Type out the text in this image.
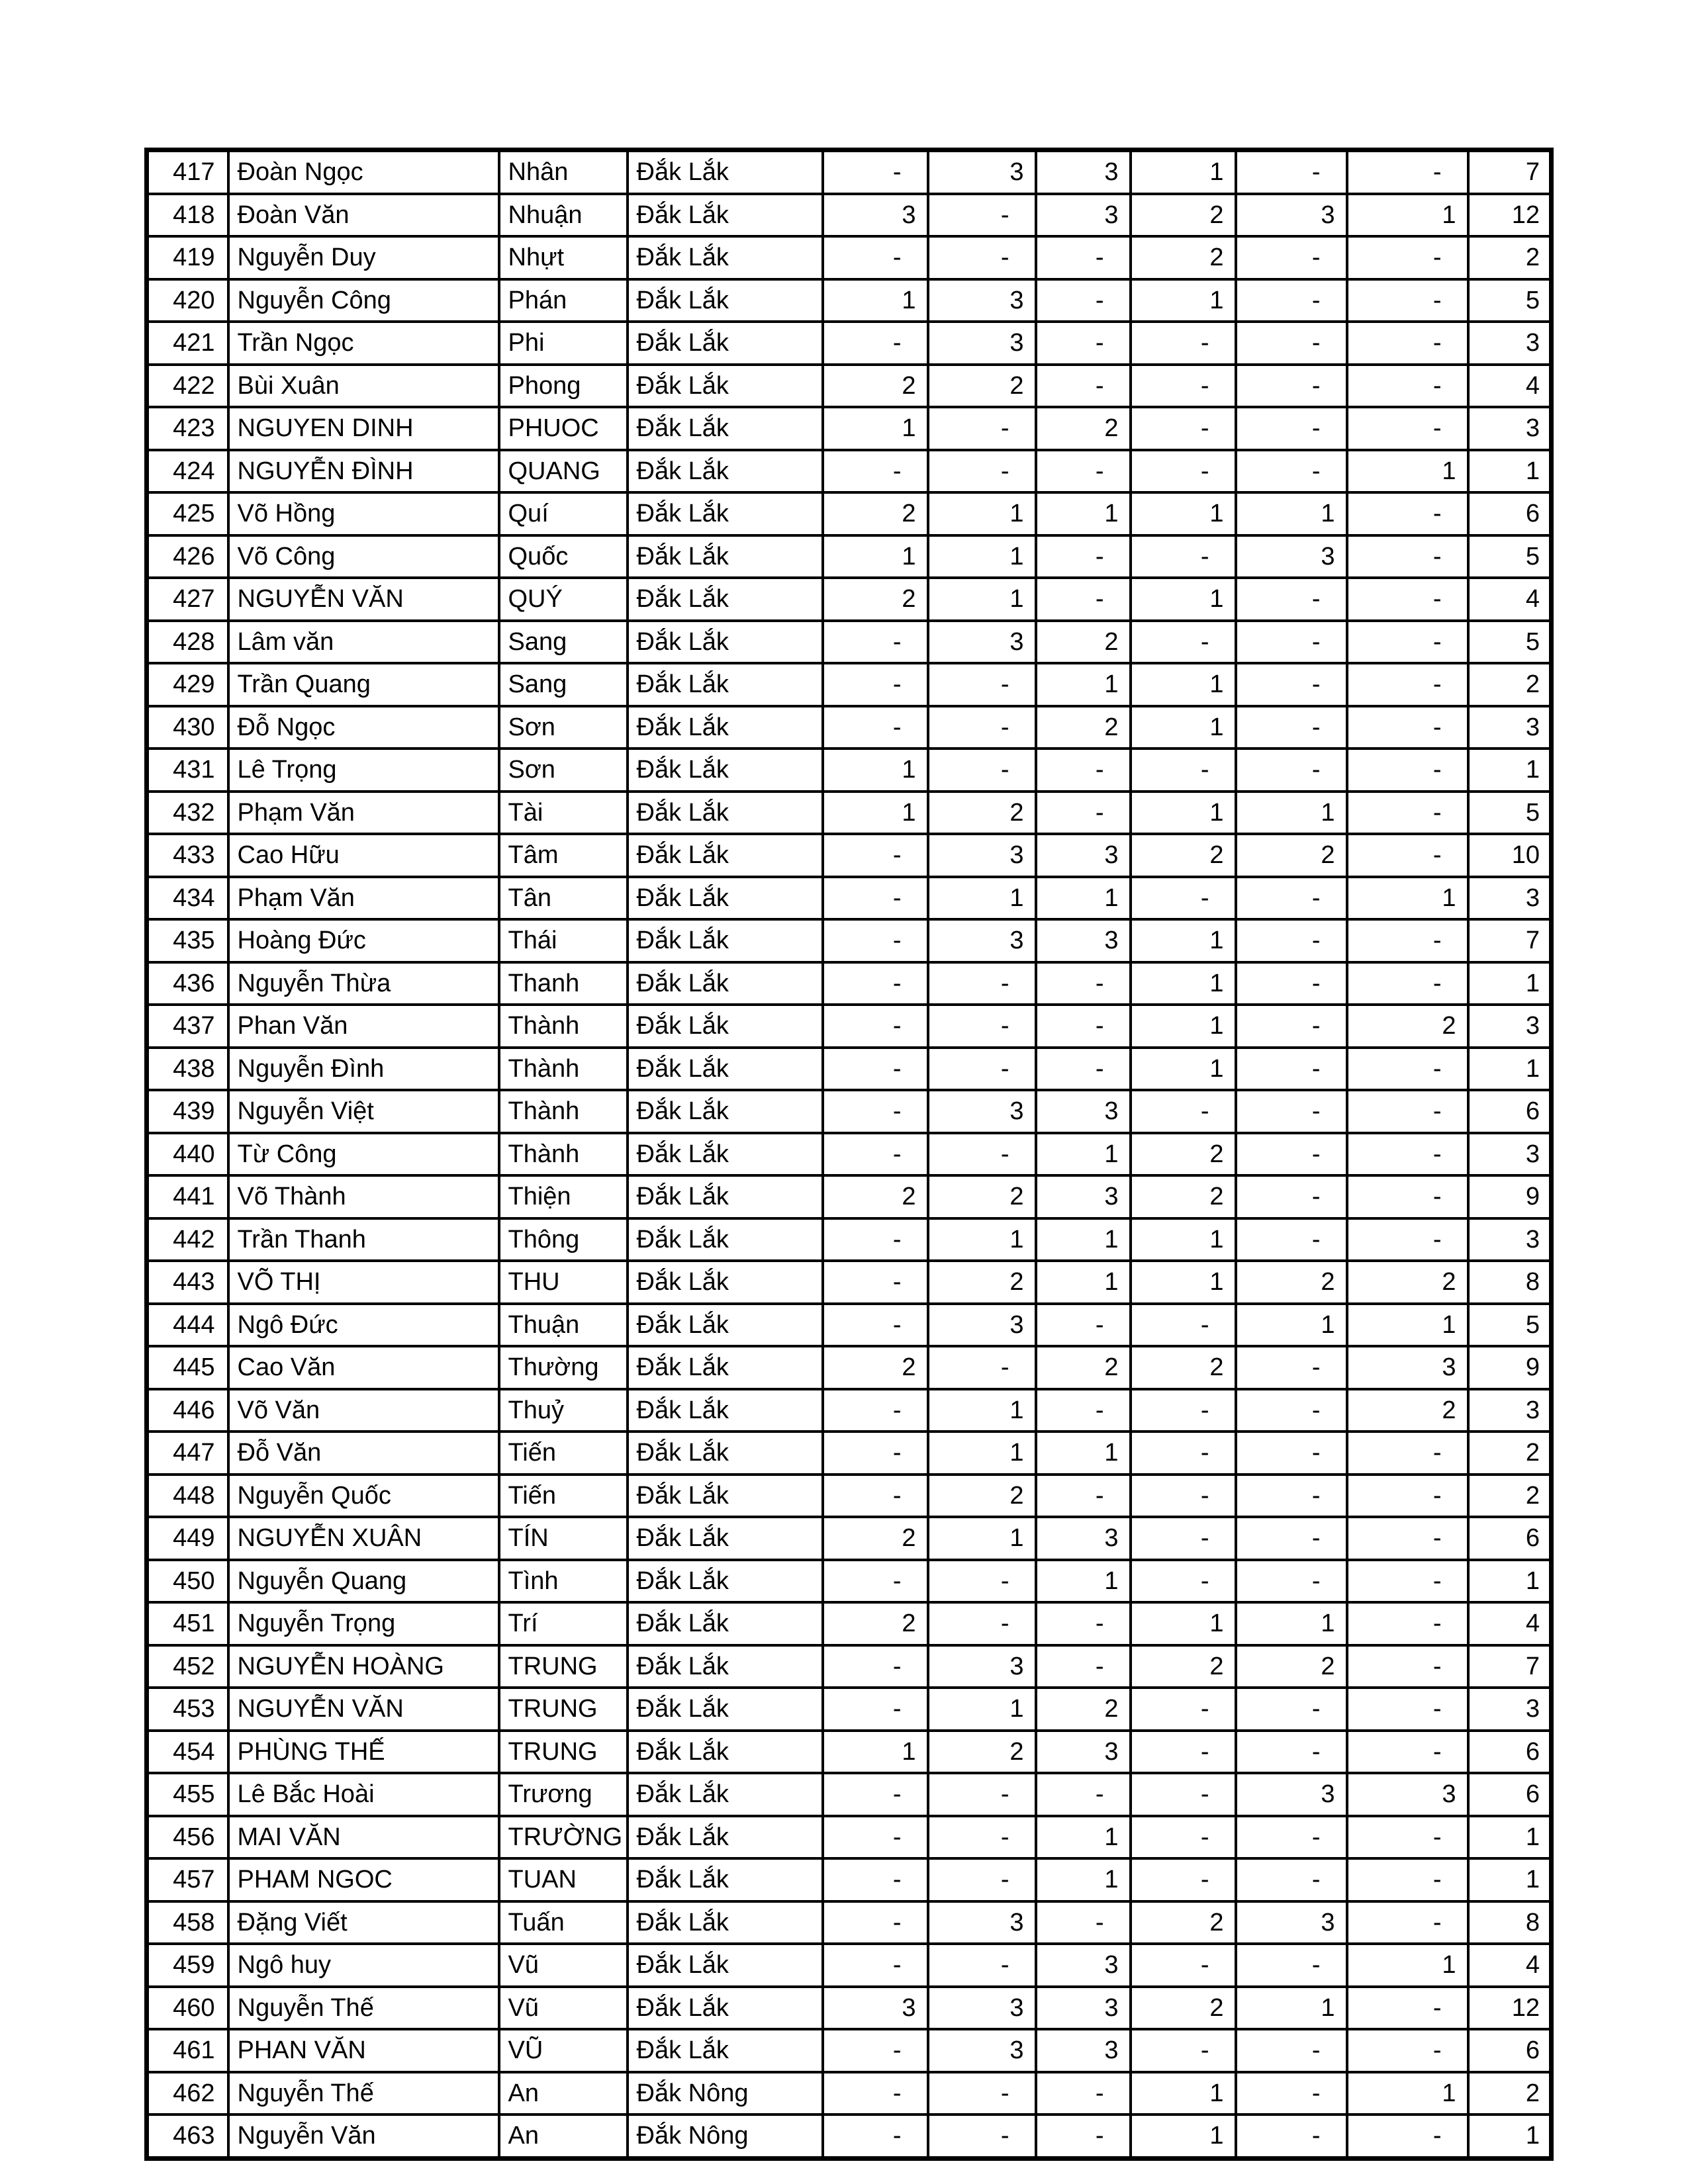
417	Đoàn Ngọc	Nhân	Đắk Lắk	-	3	3	1	-	-	7
418	Đoàn Văn	Nhuận	Đắk Lắk	3	-	3	2	3	1	12
419	Nguyễn Duy	Nhựt	Đắk Lắk	-	-	-	2	-	-	2
420	Nguyễn Công	Phán	Đắk Lắk	1	3	-	1	-	-	5
421	Trần Ngọc	Phi	Đắk Lắk	-	3	-	-	-	-	3
422	Bùi Xuân	Phong	Đắk Lắk	2	2	-	-	-	-	4
423	NGUYEN DINH	PHUOC	Đắk Lắk	1	-	2	-	-	-	3
424	NGUYỄN ĐÌNH	QUANG	Đắk Lắk	-	-	-	-	-	1	1
425	Võ Hồng	Quí	Đắk Lắk	2	1	1	1	1	-	6
426	Võ Công	Quốc	Đắk Lắk	1	1	-	-	3	-	5
427	NGUYỄN VĂN	QUÝ	Đắk Lắk	2	1	-	1	-	-	4
428	Lâm văn	Sang	Đắk Lắk	-	3	2	-	-	-	5
429	Trần Quang	Sang	Đắk Lắk	-	-	1	1	-	-	2
430	Đỗ Ngọc	Sơn	Đắk Lắk	-	-	2	1	-	-	3
431	Lê Trọng	Sơn	Đắk Lắk	1	-	-	-	-	-	1
432	Phạm Văn	Tài	Đắk Lắk	1	2	-	1	1	-	5
433	Cao Hữu	Tâm	Đắk Lắk	-	3	3	2	2	-	10
434	Phạm Văn	Tân	Đắk Lắk	-	1	1	-	-	1	3
435	Hoàng Đức	Thái	Đắk Lắk	-	3	3	1	-	-	7
436	Nguyễn Thừa	Thanh	Đắk Lắk	-	-	-	1	-	-	1
437	Phan Văn	Thành	Đắk Lắk	-	-	-	1	-	2	3
438	Nguyễn Đình	Thành	Đắk Lắk	-	-	-	1	-	-	1
439	Nguyễn Việt	Thành	Đắk Lắk	-	3	3	-	-	-	6
440	Từ Công	Thành	Đắk Lắk	-	-	1	2	-	-	3
441	Võ Thành	Thiện	Đắk Lắk	2	2	3	2	-	-	9
442	Trần Thanh	Thông	Đắk Lắk	-	1	1	1	-	-	3
443	VÕ THỊ	THU	Đắk Lắk	-	2	1	1	2	2	8
444	Ngô Đức	Thuận	Đắk Lắk	-	3	-	-	1	1	5
445	Cao Văn	Thường	Đắk Lắk	2	-	2	2	-	3	9
446	Võ Văn	Thuỷ	Đắk Lắk	-	1	-	-	-	2	3
447	Đỗ Văn	Tiến	Đắk Lắk	-	1	1	-	-	-	2
448	Nguyễn Quốc	Tiến	Đắk Lắk	-	2	-	-	-	-	2
449	NGUYỄN XUÂN	TÍN	Đắk Lắk	2	1	3	-	-	-	6
450	Nguyễn Quang	Tình	Đắk Lắk	-	-	1	-	-	-	1
451	Nguyễn Trọng	Trí	Đắk Lắk	2	-	-	1	1	-	4
452	NGUYỄN HOÀNG	TRUNG	Đắk Lắk	-	3	-	2	2	-	7
453	NGUYỄN VĂN	TRUNG	Đắk Lắk	-	1	2	-	-	-	3
454	PHÙNG THẾ	TRUNG	Đắk Lắk	1	2	3	-	-	-	6
455	Lê Bắc Hoài	Trương	Đắk Lắk	-	-	-	-	3	3	6
456	MAI VĂN	TRƯỜNG	Đắk Lắk	-	-	1	-	-	-	1
457	PHAM NGOC	TUAN	Đắk Lắk	-	-	1	-	-	-	1
458	Đặng Viết	Tuấn	Đắk Lắk	-	3	-	2	3	-	8
459	Ngô huy	Vũ	Đắk Lắk	-	-	3	-	-	1	4
460	Nguyễn Thế	Vũ	Đắk Lắk	3	3	3	2	1	-	12
461	PHAN VĂN	VŨ	Đắk Lắk	-	3	3	-	-	-	6
462	Nguyễn Thế	An	Đắk Nông	-	-	-	1	-	1	2
463	Nguyễn Văn	An	Đắk Nông	-	-	-	1	-	-	1
